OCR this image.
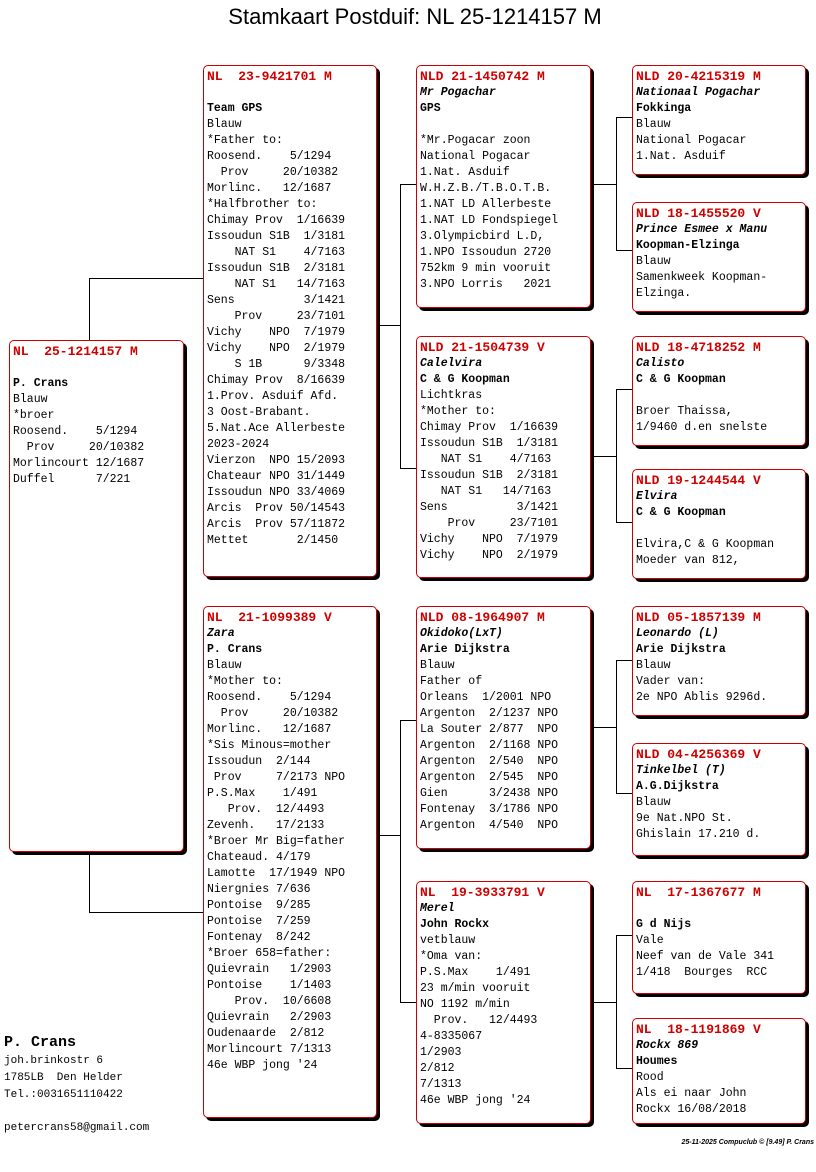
Stamkaart Postduif: NL 25-1214157 M
NL  25-1214157 M

P. Crans
Blauw
*broer
Roosend.    5/1294
Prov     20/10382
Morlincourt 12/1687
Duffel      7/221
NL  23-9421701 M

Team GPS
Blauw
*Father to:
Roosend.    5/1294
Prov     20/10382
Morlinc.   12/1687
*Halfbrother to:
Chimay Prov  1/16639
Issoudun S1B  1/3181
NAT S1    4/7163
Issoudun S1B  2/3181
NAT S1   14/7163
Sens          3/1421
Prov     23/7101
Vichy    NPO  7/1979
Vichy    NPO  2/1979
S 1B      9/3348
Chimay Prov  8/16639
1.Prov. Asduif Afd.
3 Oost-Brabant.
5.Nat.Ace Allerbeste
2023-2024
Vierzon  NPO 15/2093
Chateaur NPO 31/1449
Issoudun NPO 33/4069
Arcis  Prov 50/14543
Arcis  Prov 57/11872
Mettet       2/1450
NL  21-1099389 V
Zara
P. Crans
Blauw
*Mother to:
Roosend.    5/1294
Prov     20/10382
Morlinc.   12/1687
*Sis Minous=mother
Issoudun  2/144
Prov     7/2173 NPO
P.S.Max    1/491
Prov.  12/4493
Zevenh.   17/2133
*Broer Mr Big=father
Chateaud. 4/179
Lamotte  17/1949 NPO
Niergnies 7/636
Pontoise  9/285
Pontoise  7/259
Fontenay  8/242
*Broer 658=father:
Quievrain   1/2903
Pontoise    1/1403
Prov.  10/6608
Quievrain   2/2903
Oudenaarde  2/812
Morlincourt 7/1313
46e WBP jong '24
NLD 21-1450742 M
Mr Pogachar
GPS

*Mr.Pogacar zoon
National Pogacar
1.Nat. Asduif
W.H.Z.B./T.B.O.T.B.
1.NAT LD Allerbeste
1.NAT LD Fondspiegel
3.Olympicbird L.D,
1.NPO Issoudun 2720
752km 9 min vooruit
3.NPO Lorris   2021
NLD 21-1504739 V
Calelvira
C & G Koopman
Lichtkras
*Mother to:
Chimay Prov  1/16639
Issoudun S1B  1/3181
NAT S1    4/7163
Issoudun S1B  2/3181
NAT S1   14/7163
Sens          3/1421
Prov     23/7101
Vichy    NPO  7/1979
Vichy    NPO  2/1979
NLD 08-1964907 M
Okidoko(LxT)
Arie Dijkstra
Blauw
Father of
Orleans  1/2001 NPO
Argenton  2/1237 NPO
La Souter 2/877  NPO
Argenton  2/1168 NPO
Argenton  2/540  NPO
Argenton  2/545  NPO
Gien      3/2438 NPO
Fontenay  3/1786 NPO
Argenton  4/540  NPO
NL  19-3933791 V
Merel
John Rockx
vetblauw
*Oma van:
P.S.Max    1/491
23 m/min vooruit
NO 1192 m/min
Prov.   12/4493
4-8335067
1/2903
2/812
7/1313
46e WBP jong '24
NLD 20-4215319 M
Nationaal Pogachar
Fokkinga
Blauw
National Pogacar
1.Nat. Asduif
NLD 18-1455520 V
Prince Esmee x Manu
Koopman-Elzinga
Blauw
Samenkweek Koopman-
Elzinga.
NLD 18-4718252 M
Calisto
C & G Koopman

Broer Thaissa,
1/9460 d.en snelste
NLD 19-1244544 V
Elvira
C & G Koopman

Elvira,C & G Koopman
Moeder van 812,
NLD 05-1857139 M
Leonardo (L)
Arie Dijkstra
Blauw
Vader van:
2e NPO Ablis 9296d.
NLD 04-4256369 V
Tinkelbel (T)
A.G.Dijkstra
Blauw
9e Nat.NPO St.
Ghislain 17.210 d.
NL  17-1367677 M

G d Nijs
Vale
Neef van de Vale 341
1/418  Bourges  RCC
NL  18-1191869 V
Rockx 869
Houmes
Rood
Als ei naar John
Rockx 16/08/2018
P. Crans
joh.brinkostr 6
1785LB  Den Helder
Tel.:0031651110422
petercrans58@gmail.com
25-11-2025 Compuclub © [9.49] P. Crans
